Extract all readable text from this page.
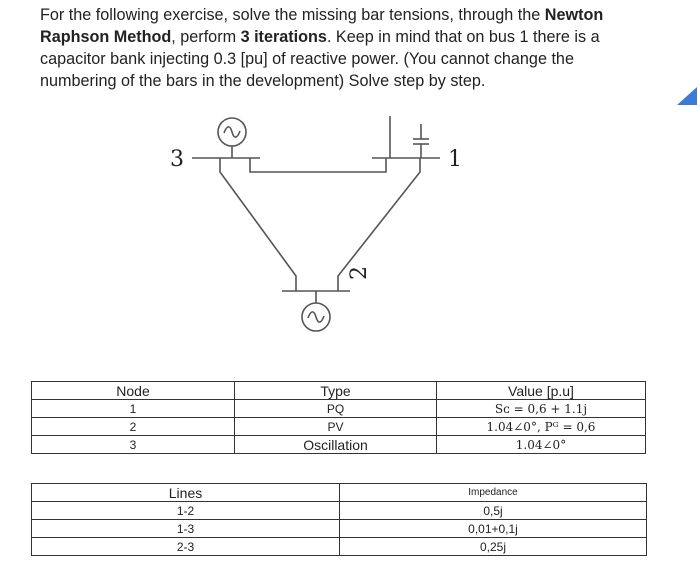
For the following exercise, solve the missing bar tensions, through the Newton Raphson Method, perform 3 iterations. Keep in mind that on bus 1 there is a capacitor bank injecting 0.3 [pu] of reactive power. (You cannot change the numbering of the bars in the development) Solve step by step.
3	1
2
Node	Type	Value [p.u]
1	PQ	Sᴄ = 0,6 + 1.1j
2	PV	1.04∠0°, Pᴳ = 0,6
3	Oscillation	1.04∠0°
Lines	Impedance
1-2	0,5j
1-3	0,01+0,1j
2-3	0,25j
